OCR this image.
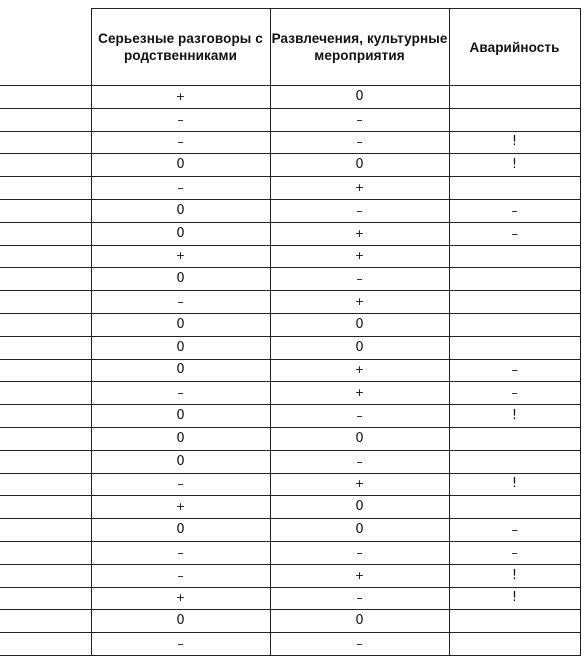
	Серьезные разговоры с родственниками	Развлечения, культурные мероприятия	Аварийность
	+	0	
	–	–	
	–	–	!
	0	0	!
	–	+	
	0	–	–
	0	+	–
	+	+	
	0	–	
	–	+	
	0	0	
	0	0	
	0	+	–
	–	+	–
	0	–	!
	0	0	
	0	–	
	–	+	!
	+	0	
	0	0	–
	–	–	–
	–	+	!
	+	–	!
	0	0	
	–	–	
